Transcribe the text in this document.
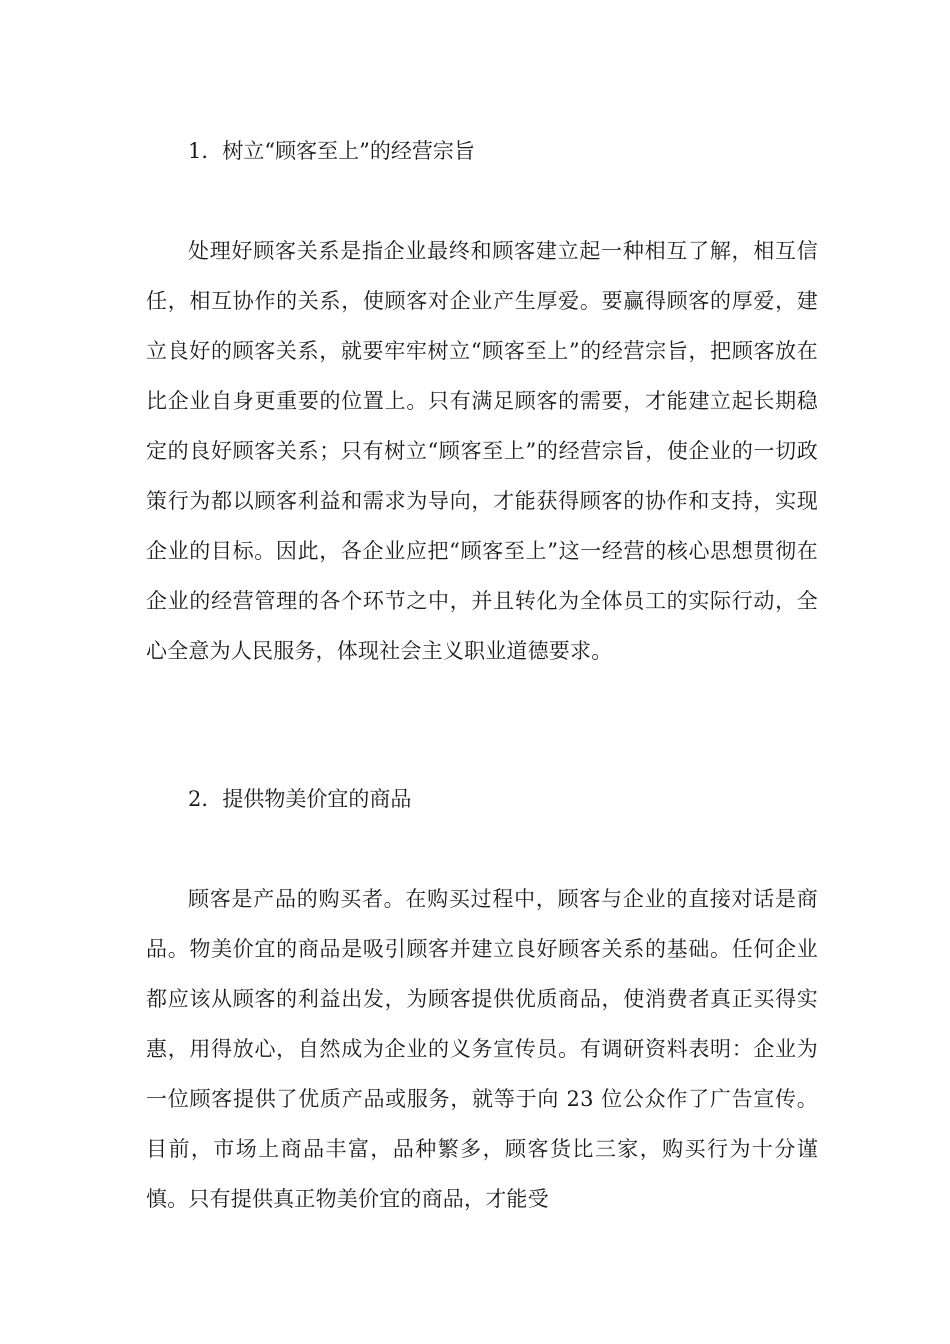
1．树立“顾客至上”的经营宗旨

处理好顾客关系是指企业最终和顾客建立起一种相互了解，相互信任，相互协作的关系，使顾客对企业产生厚爱。要赢得顾客的厚爱，建立良好的顾客关系，就要牢牢树立“顾客至上”的经营宗旨，把顾客放在比企业自身更重要的位置上。只有满足顾客的需要，才能建立起长期稳定的良好顾客关系；只有树立“顾客至上”的经营宗旨，使企业的一切政策行为都以顾客利益和需求为导向，才能获得顾客的协作和支持，实现企业的目标。因此，各企业应把“顾客至上”这一经营的核心思想贯彻在企业的经营管理的各个环节之中，并且转化为全体员工的实际行动，全心全意为人民服务，体现社会主义职业道德要求。

2．提供物美价宜的商品

顾客是产品的购买者。在购买过程中，顾客与企业的直接对话是商品。物美价宜的商品是吸引顾客并建立良好顾客关系的基础。任何企业都应该从顾客的利益出发，为顾客提供优质商品，使消费者真正买得实惠，用得放心，自然成为企业的义务宣传员。有调研资料表明：企业为一位顾客提供了优质产品或服务，就等于向 23 位公众作了广告宣传。目前，市场上商品丰富，品种繁多，顾客货比三家，购买行为十分谨慎。只有提供真正物美价宜的商品，才能受
